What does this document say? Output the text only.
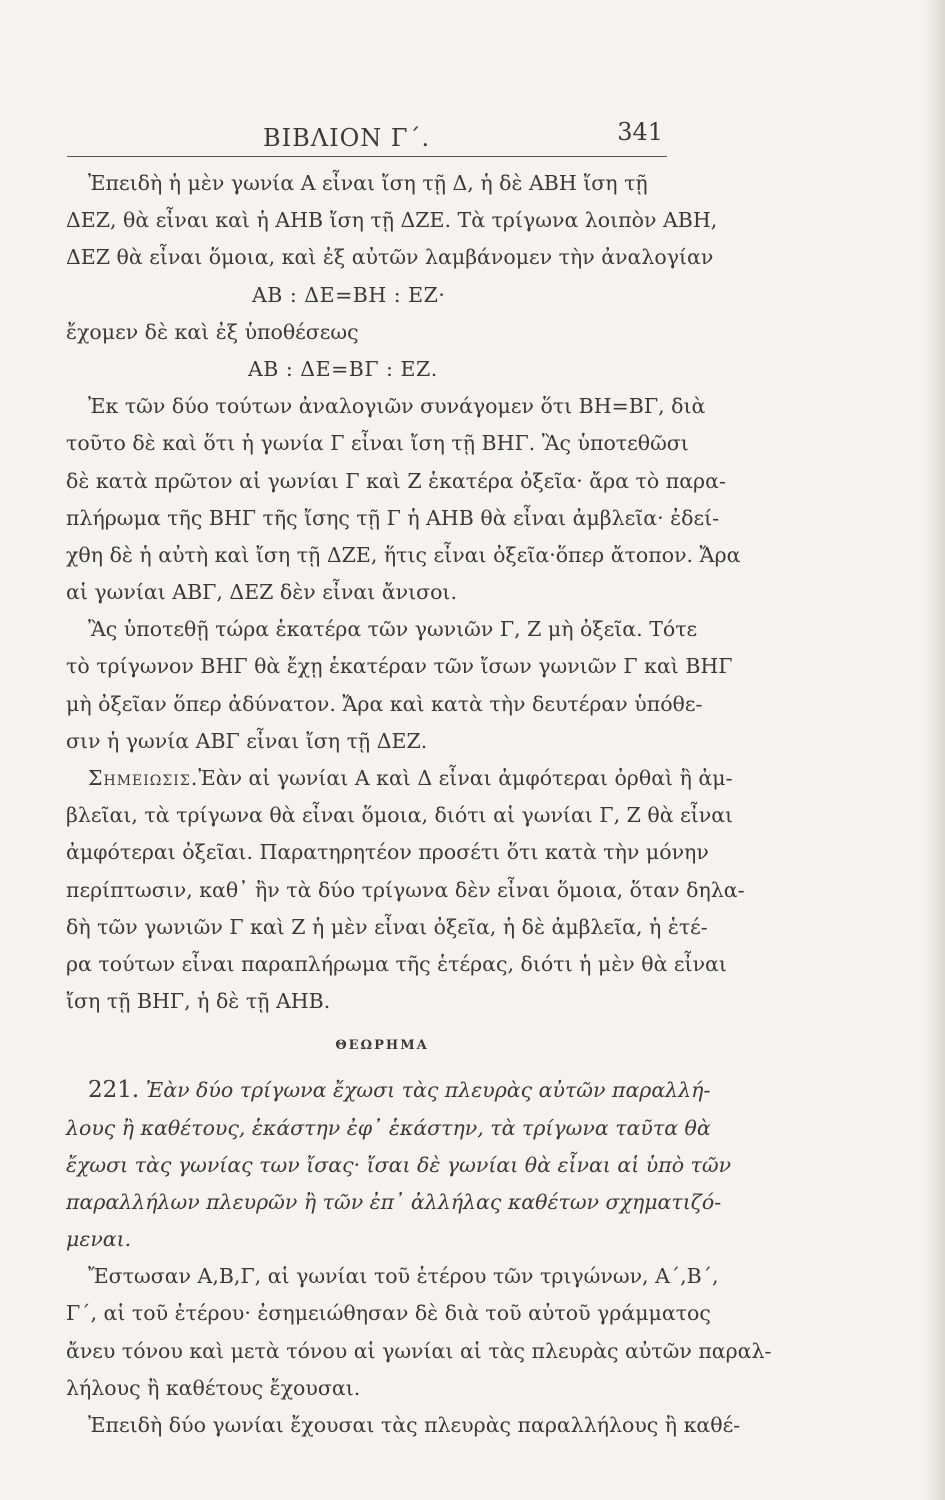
ΒΙΒΛΙΟΝ Γ΄.	341
Ἐπειδὴ ἡ μὲν γωνία Α εἶναι ἴση τῇ Δ, ἡ δὲ ΑΒΗ ἴση τῇ
ΔΕΖ, θὰ εἶναι καὶ ἡ ΑΗΒ ἴση τῇ ΔΖΕ. Τὰ τρίγωνα λοιπὸν ΑΒΗ,
ΔΕΖ θὰ εἶναι ὅμοια, καὶ ἐξ αὐτῶν λαμβάνομεν τὴν ἀναλογίαν
ΑΒ : ΔΕ=ΒΗ : ΕΖ·
ἔχομεν δὲ καὶ ἐξ ὑποθέσεως
ΑΒ : ΔΕ=ΒΓ : ΕΖ.
Ἐκ τῶν δύο τούτων ἀναλογιῶν συνάγομεν ὅτι ΒΗ=ΒΓ, διὰ
τοῦτο δὲ καὶ ὅτι ἡ γωνία Γ εἶναι ἴση τῇ ΒΗΓ. Ἂς ὑποτεθῶσι
δὲ κατὰ πρῶτον αἱ γωνίαι Γ καὶ Ζ ἑκατέρα ὀξεῖα· ἄρα τὸ παρα-
πλήρωμα τῆς ΒΗΓ τῆς ἴσης τῇ Γ ἡ ΑΗΒ θὰ εἶναι ἀμβλεῖα· ἐδεί-
χθη δὲ ἡ αὐτὴ καὶ ἴση τῇ ΔΖΕ, ἥτις εἶναι ὀξεῖα·ὅπερ ἄτοπον. Ἄρα
αἱ γωνίαι ΑΒΓ, ΔΕΖ δὲν εἶναι ἄνισοι.
Ἂς ὑποτεθῇ τώρα ἑκατέρα τῶν γωνιῶν Γ, Ζ μὴ ὀξεῖα. Τότε
τὸ τρίγωνον ΒΗΓ θὰ ἔχῃ ἑκατέραν τῶν ἴσων γωνιῶν Γ καὶ ΒΗΓ
μὴ ὀξεῖαν ὅπερ ἀδύνατον. Ἄρα καὶ κατὰ τὴν δευτέραν ὑπόθε-
σιν ἡ γωνία ΑΒΓ εἶναι ἴση τῇ ΔΕΖ.
Σημειωσισ.Ἐὰν αἱ γωνίαι Α καὶ Δ εἶναι ἀμφότεραι ὀρθαὶ ἢ ἀμ-
βλεῖαι, τὰ τρίγωνα θὰ εἶναι ὅμοια, διότι αἱ γωνίαι Γ, Ζ θὰ εἶναι
ἀμφότεραι ὀξεῖαι. Παρατηρητέον προσέτι ὅτι κατὰ τὴν μόνην
περίπτωσιν, καθ᾽ ἣν τὰ δύο τρίγωνα δὲν εἶναι ὅμοια, ὅταν δηλα-
δὴ τῶν γωνιῶν Γ καὶ Ζ ἡ μὲν εἶναι ὀξεῖα, ἡ δὲ ἀμβλεῖα, ἡ ἑτέ-
ρα τούτων εἶναι παραπλήρωμα τῆς ἑτέρας, διότι ἡ μὲν θὰ εἶναι
ἴση τῇ ΒΗΓ, ἡ δὲ τῇ ΑΗΒ.
ΘΕΩΡΗΜΑ
221. Ἐὰν δύο τρίγωνα ἔχωσι τὰς πλευρὰς αὐτῶν παραλλή-
λους ἢ καθέτους, ἑκάστην ἐφ᾽ ἑκάστην, τὰ τρίγωνα ταῦτα θὰ
ἔχωσι τὰς γωνίας των ἴσας· ἴσαι δὲ γωνίαι θὰ εἶναι αἱ ὑπὸ τῶν
παραλλήλων πλευρῶν ἢ τῶν ἐπ᾽ ἀλλήλας καθέτων σχηματιζό-
μεναι.
Ἔστωσαν Α,Β,Γ, αἱ γωνίαι τοῦ ἑτέρου τῶν τριγώνων, Α΄,Β΄,
Γ΄, αἱ τοῦ ἑτέρου· ἐσημειώθησαν δὲ διὰ τοῦ αὐτοῦ γράμματος
ἄνευ τόνου καὶ μετὰ τόνου αἱ γωνίαι αἱ τὰς πλευρὰς αὐτῶν παραλ-
λήλους ἢ καθέτους ἔχουσαι.
Ἐπειδὴ δύο γωνίαι ἔχουσαι τὰς πλευρὰς παραλλήλους ἢ καθέ-
